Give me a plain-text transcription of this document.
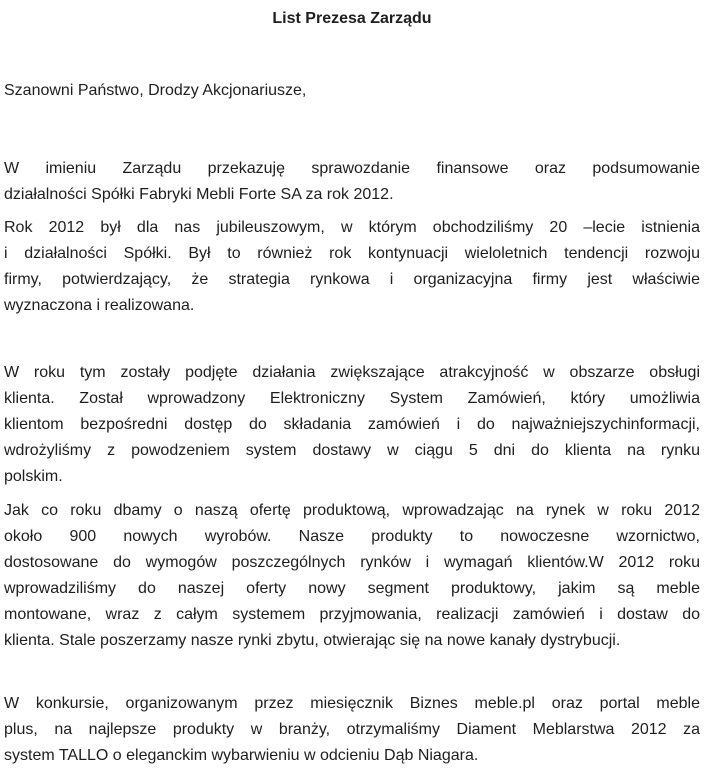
List Prezesa Zarządu

Szanowni Państwo, Drodzy Akcjonariusze,

W imieniu Zarządu przekazuję sprawozdanie finansowe oraz podsumowanie
działalności Spółki Fabryki Mebli Forte SA za rok 2012.
Rok 2012 był dla nas jubileuszowym, w którym obchodziliśmy 20 –lecie istnienia
i działalności Spółki. Był to również rok kontynuacji wieloletnich tendencji rozwoju
firmy, potwierdzający, że strategia rynkowa i organizacyjna firmy jest właściwie
wyznaczona i realizowana.
W roku tym zostały podjęte działania zwiększające atrakcyjność w obszarze obsługi
klienta. Został wprowadzony Elektroniczny System Zamówień, który umożliwia
klientom bezpośredni dostęp do składania zamówień i do najważniejszychinformacji,
wdrożyliśmy z powodzeniem system dostawy w ciągu 5 dni do klienta na rynku
polskim.
Jak co roku dbamy o naszą ofertę produktową, wprowadzając na rynek w roku 2012
około 900 nowych wyrobów. Nasze produkty to nowoczesne wzornictwo,
dostosowane do wymogów poszczególnych rynków i wymagań klientów.W 2012 roku
wprowadziliśmy do naszej oferty nowy segment produktowy, jakim są meble
montowane, wraz z całym systemem przyjmowania, realizacji zamówień i dostaw do
klienta. Stale poszerzamy nasze rynki zbytu, otwierając się na nowe kanały dystrybucji.
W konkursie, organizowanym przez miesięcznik Biznes meble.pl oraz portal meble
plus, na najlepsze produkty w branży, otrzymaliśmy Diament Meblarstwa 2012 za
system TALLO o eleganckim wybarwieniu w odcieniu Dąb Niagara.
